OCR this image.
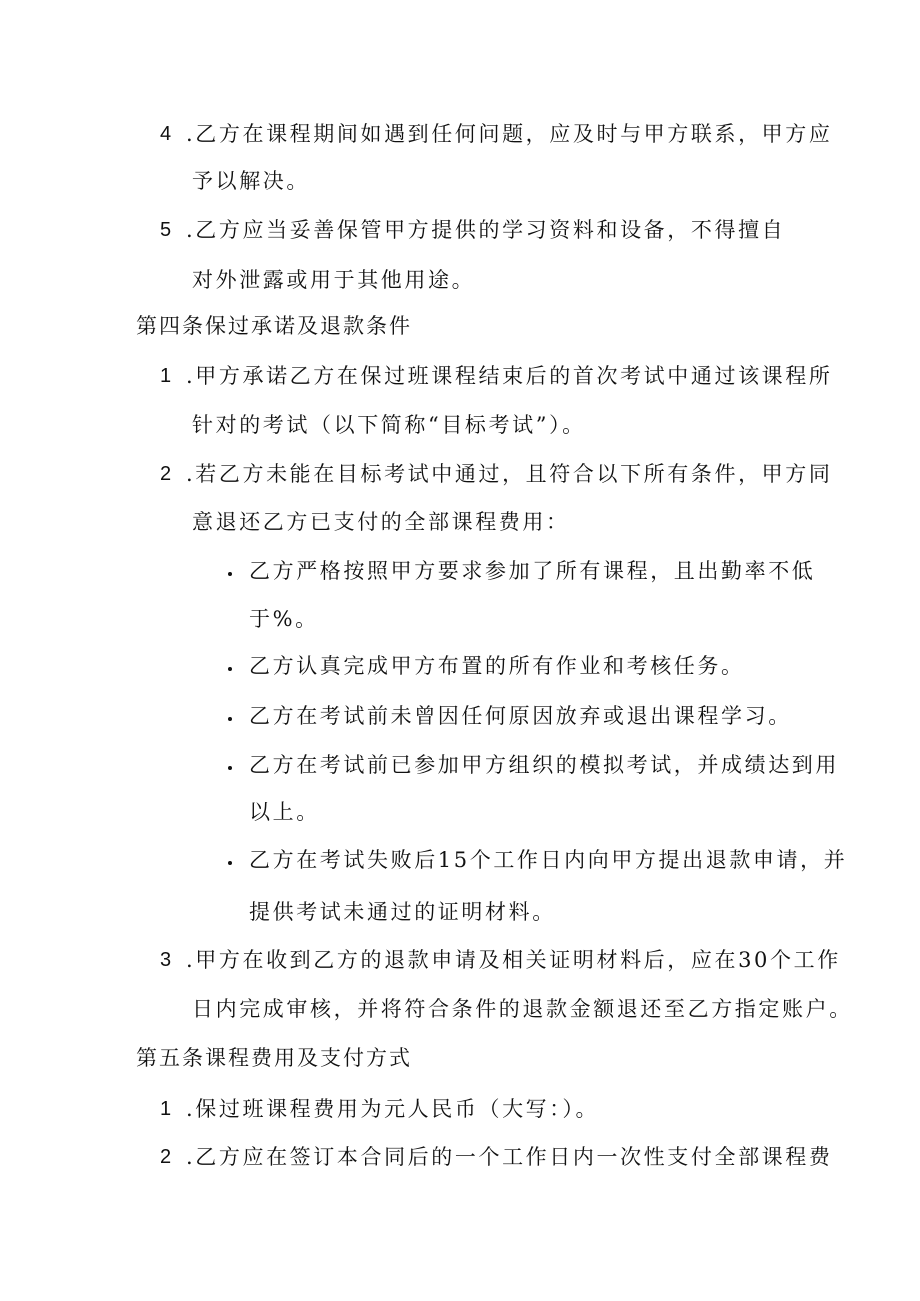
4 .乙方在课程期间如遇到任何问题，应及时与甲方联系，甲方应
予以解决。
5 .乙方应当妥善保管甲方提供的学习资料和设备，不得擅自
对外泄露或用于其他用途。
第四条保过承诺及退款条件
1 .甲方承诺乙方在保过班课程结束后的首次考试中通过该课程所
针对的考试（以下简称“目标考试”）。
2 .若乙方未能在目标考试中通过，且符合以下所有条件，甲方同
意退还乙方已支付的全部课程费用：
乙方严格按照甲方要求参加了所有课程，且出勤率不低
于%。
乙方认真完成甲方布置的所有作业和考核任务。
乙方在考试前未曾因任何原因放弃或退出课程学习。
乙方在考试前已参加甲方组织的模拟考试，并成绩达到用
以上。
乙方在考试失败后15个工作日内向甲方提出退款申请，并
提供考试未通过的证明材料。
3 .甲方在收到乙方的退款申请及相关证明材料后，应在30个工作
日内完成审核，并将符合条件的退款金额退还至乙方指定账户。
第五条课程费用及支付方式
1 .保过班课程费用为元人民币（大写：）。
2 .乙方应在签订本合同后的一个工作日内一次性支付全部课程费
